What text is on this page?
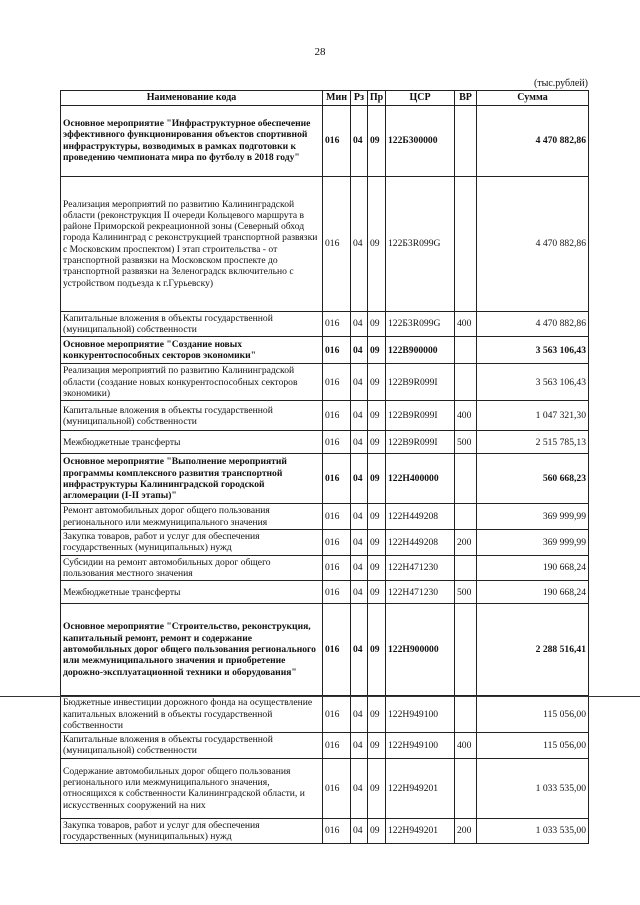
28
(тыс.рублей)
Наименование кода	Мин	Рз	Пр	ЦСР	ВР	Сумма
Основное мероприятие "Инфраструктурное обеспечение эффективного функционирования объектов спортивной инфраструктуры, возводимых в рамках подготовки к проведению чемпионата мира по футболу в 2018 году"	016	04	09	122Б300000		4 470 882,86
Реализация мероприятий по развитию Калининградской области (реконструкция II очереди Кольцевого маршрута в районе Приморской рекреационной зоны (Северный обход города Калининград с реконструкцией транспортной развязки с Московским проспектом) I этап строительства - от транспортной развязки на Московском проспекте до транспортной развязки на Зеленоградск включительно с устройством подъезда к г.Гурьевску)	016	04	09	122Б3R099G		4 470 882,86
Капитальные вложения в объекты государственной (муниципальной) собственности	016	04	09	122Б3R099G	400	4 470 882,86
Основное мероприятие "Создание новых конкурентоспособных секторов экономики"	016	04	09	122В900000		3 563 106,43
Реализация мероприятий по развитию Калининградской области (создание новых конкурентоспособных секторов экономики)	016	04	09	122В9R099I		3 563 106,43
Капитальные вложения в объекты государственной (муниципальной) собственности	016	04	09	122В9R099I	400	1 047 321,30
Межбюджетные трансферты	016	04	09	122В9R099I	500	2 515 785,13
Основное мероприятие "Выполнение мероприятий программы комплексного развития транспортной инфраструктуры Калининградской городской агломерации (I-II этапы)"	016	04	09	122Н400000		560 668,23
Ремонт автомобильных дорог общего пользования регионального или межмуниципального значения	016	04	09	122Н449208		369 999,99
Закупка товаров, работ и услуг для обеспечения государственных (муниципальных) нужд	016	04	09	122Н449208	200	369 999,99
Субсидии на ремонт автомобильных дорог общего пользования местного значения	016	04	09	122Н471230		190 668,24
Межбюджетные трансферты	016	04	09	122Н471230	500	190 668,24
Основное мероприятие "Строительство, реконструкция, капитальный ремонт, ремонт и содержание автомобильных дорог общего пользования регионального или межмуниципального значения и приобретение дорожно-эксплуатационной техники и оборудования"	016	04	09	122Н900000		2 288 516,41
Бюджетные инвестиции дорожного фонда на осуществление капитальных вложений в объекты государственной собственности	016	04	09	122Н949100		115 056,00
Капитальные вложения в объекты государственной (муниципальной) собственности	016	04	09	122Н949100	400	115 056,00
Содержание автомобильных дорог общего пользования регионального или межмуниципального значения, относящихся к собственности Калининградской области, и искусственных сооружений на них	016	04	09	122Н949201		1 033 535,00
Закупка товаров, работ и услуг для обеспечения государственных (муниципальных) нужд	016	04	09	122Н949201	200	1 033 535,00
